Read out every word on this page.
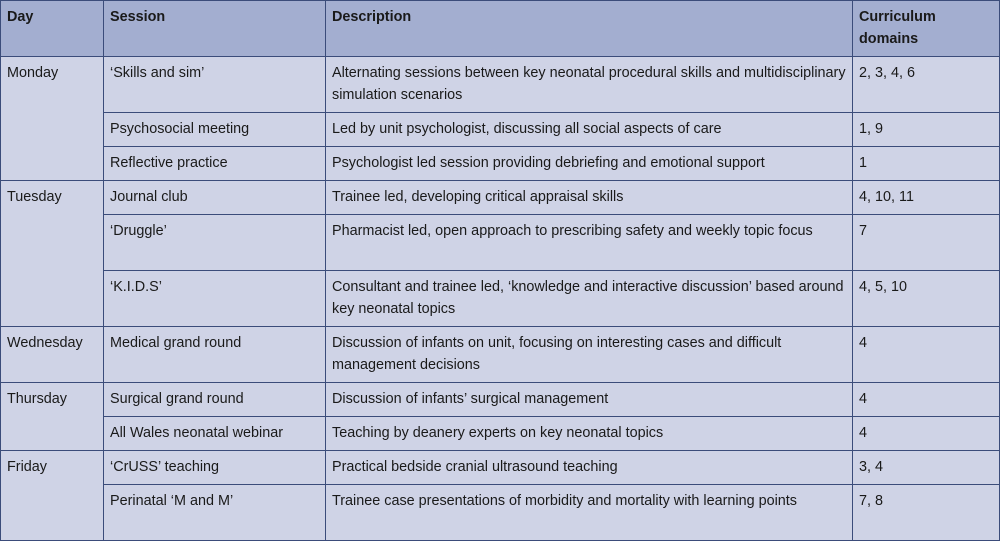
Day	Session	Description	Curriculum domains
Monday	‘Skills and sim’	Alternating sessions between key neonatal procedural skills and multidisciplinary simulation scenarios	2, 3, 4, 6
	Psychosocial meeting	Led by unit psychologist, discussing all social aspects of care	1, 9
	Reflective practice	Psychologist led session providing debriefing and emotional support	1
Tuesday	Journal club	Trainee led, developing critical appraisal skills	4, 10, 11
	‘Druggle’	Pharmacist led, open approach to prescribing safety and weekly topic focus	7
	‘K.I.D.S’	Consultant and trainee led, ‘knowledge and interactive discussion’ based around key neonatal topics	4, 5, 10
Wednesday	Medical grand round	Discussion of infants on unit, focusing on interesting cases and difficult management decisions	4
Thursday	Surgical grand round	Discussion of infants’ surgical management	4
	All Wales neonatal webinar	Teaching by deanery experts on key neonatal topics	4
Friday	‘CrUSS’ teaching	Practical bedside cranial ultrasound teaching	3, 4
	Perinatal ‘M and M’	Trainee case presentations of morbidity and mortality with learning points	7, 8
